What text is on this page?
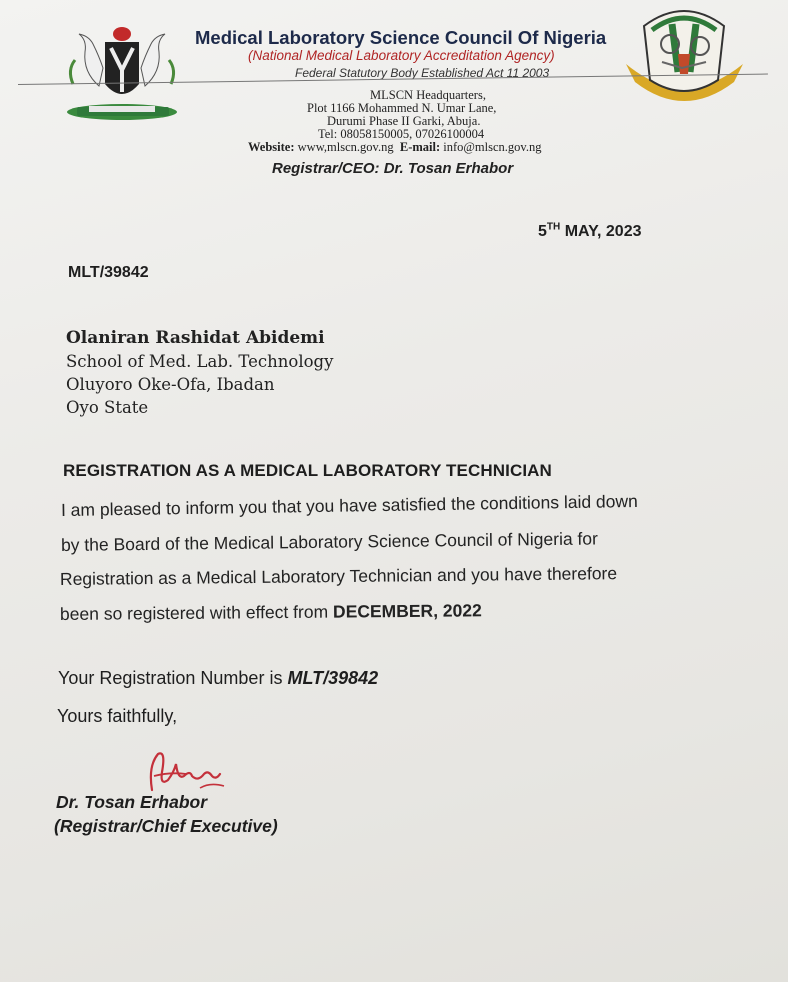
Medical Laboratory Science Council Of Nigeria
(National Medical Laboratory Accreditation Agency)
Federal Statutory Body Established Act 11 2003
MLSCN Headquarters,
Plot 1166 Mohammed N. Umar Lane,
Durumi Phase II Garki, Abuja.
Tel: 08058150005, 07026100004
Website: www,mlscn.gov.ng E-mail: info@mlscn.gov.ng
Registrar/CEO: Dr. Tosan Erhabor
5TH MAY, 2023
MLT/39842
Olaniran Rashidat Abidemi
School of Med. Lab. Technology
Oluyoro Oke-Ofa, Ibadan
Oyo State
REGISTRATION AS A MEDICAL LABORATORY TECHNICIAN
I am pleased to inform you that you have satisfied the conditions laid down
by the Board of the Medical Laboratory Science Council of Nigeria for
Registration as a Medical Laboratory Technician and you have therefore
been so registered with effect from DECEMBER, 2022
Your Registration Number is MLT/39842
Yours faithfully,
Dr. Tosan Erhabor
(Registrar/Chief Executive)
